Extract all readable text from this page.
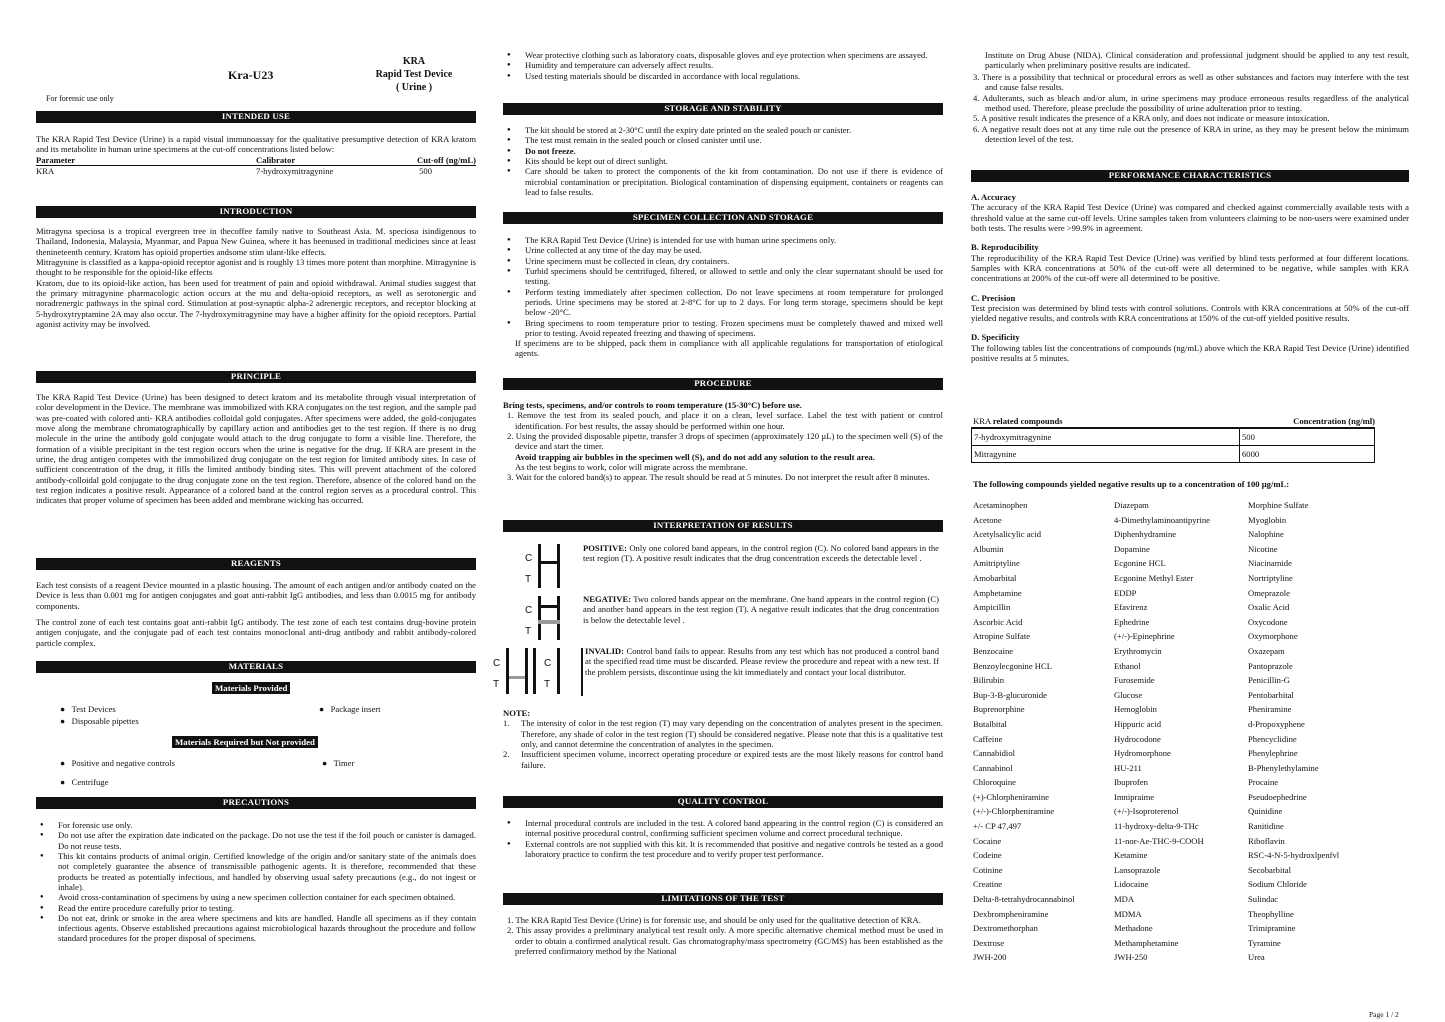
Kra-U23
KRA
Rapid Test Device
( Urine )
For forensic use only
INTENDED USE

The KRA Rapid Test Device (Urine) is a rapid visual immunoassay for the qualitative presumptive detection of KRA kratom and its metabolite in human urine specimens at the cut-off concentrations listed below:

Parameter	Calibrator	Cut-off (ng/mL)
KRA	7-hydroxymitragynine	500
INTRODUCTION

Mitragyna speciosa is a tropical evergreen tree in thecoffee family native to Southeast Asia. M. speciosa isindigenous to Thailand, Indonesia, Malaysia, Myanmar, and Papua New Guinea, where it has beenused in traditional medicines since at least thenineteenth century. Kratom has opioid properties andsome stim ulant-like effects.

Mitragynine is classified as a kappa-opioid receptor agonist and is roughly 13 times more potent than morphine. Mitragynine is thought to be responsible for the opioid-like effects

Kratom, due to its opioid-like action, has been used for treatment of pain and opioid withdrawal. Animal studies suggest that the primary mitragynine pharmacologic action occurs at the mu and delta-opioid receptors, as well as serotonergic and noradrenergic pathways in the spinal cord. Stimulation at post-synaptic alpha-2 adrenergic receptors, and receptor blocking at 5-hydroxytryptamine 2A may also occur. The 7-hydroxymitragynine may have a higher affinity for the opioid receptors. Partial agonist activity may be involved.

PRINCIPLE

The KRA Rapid Test Device (Urine) has been designed to detect kratom and its metabolite through visual interpretation of color development in the Device. The membrane was immobilized with KRA conjugates on the test region, and the sample pad was pre-coated with colored anti- KRA antibodies colloidal gold conjugates. After specimens were added, the gold-conjugates move along the membrane chromatographically by capillary action and antibodies get to the test region. If there is no drug molecule in the urine the antibody gold conjugate would attach to the drug conjugate to form a visible line. Therefore, the formation of a visible precipitant in the test region occurs when the urine is negative for the drug. If KRA are present in the urine, the drug antigen competes with the immobilized drug conjugate on the test region for limited antibody sites. In case of sufficient concentration of the drug, it fills the limited antibody binding sites. This will prevent attachment of the colored antibody-colloidal gold conjugate to the drug conjugate zone on the test region. Therefore, absence of the colored band on the test region indicates a positive result. Appearance of a colored band at the control region serves as a procedural control. This indicates that proper volume of specimen has been added and membrane wicking has occurred.

REAGENTS

Each test consists of a reagent Device mounted in a plastic housing. The amount of each antigen and/or antibody coated on the Device is less than 0.001 mg for antigen conjugates and goat anti-rabbit IgG antibodies, and less than 0.0015 mg for antibody components.

The control zone of each test contains goat anti-rabbit IgG antibody. The test zone of each test contains drug-bovine protein antigen conjugate, and the conjugate pad of each test contains monoclonal anti-drug antibody and rabbit antibody-colored particle complex.

MATERIALS
Materials Provided
●   Test Devices
●   Disposable pipettes
●   Package insert
Materials Required but Not provided
●   Positive and negative controls	●   Timer
●   Centrifuge
PRECAUTIONS
● For forensic use only.
● Do not use after the expiration date indicated on the package. Do not use the test if the foil pouch or canister is damaged. Do not reuse tests.
● This kit contains products of animal origin. Certified knowledge of the origin and/or sanitary state of the animals does not completely guarantee the absence of transmissible pathogenic agents. It is therefore, recommended that these products be treated as potentially infectious, and handled by observing usual safety precautions (e.g., do not ingest or inhale).
● Avoid cross-contamination of specimens by using a new specimen collection container for each specimen obtained.
● Read the entire procedure carefully prior to testing.
● Do not eat, drink or smoke in the area where specimens and kits are handled. Handle all specimens as if they contain infectious agents. Observe established precautions against microbiological hazards throughout the procedure and follow standard procedures for the proper disposal of specimens.
● Wear protective clothing such as laboratory coats, disposable gloves and eye protection when specimens are assayed.
● Humidity and temperature can adversely affect results.
● Used testing materials should be discarded in accordance with local regulations.
STORAGE AND STABILITY
● The kit should be stored at 2-30°C until the expiry date printed on the sealed pouch or canister.
● The test must remain in the sealed pouch or closed canister until use.
● Do not freeze.
● Kits should be kept out of direct sunlight.
● Care should be taken to protect the components of the kit from contamination. Do not use if there is evidence of microbial contamination or precipitation. Biological contamination of dispensing equipment, containers or reagents can lead to false results.
SPECIMEN COLLECTION AND STORAGE
● The KRA Rapid Test Device (Urine) is intended for use with human urine specimens only.
● Urine collected at any time of the day may be used.
● Urine specimens must be collected in clean, dry containers.
● Turbid specimens should be centrifuged, filtered, or allowed to settle and only the clear supernatant should be used for testing.
● Perform testing immediately after specimen collection. Do not leave specimens at room temperature for prolonged periods. Urine specimens may be stored at 2-8°C for up to 2 days. For long term storage, specimens should be kept below -20°C.
● Bring specimens to room temperature prior to testing. Frozen specimens must be completely thawed and mixed well prior to testing. Avoid repeated freezing and thawing of specimens.

If specimens are to be shipped, pack them in compliance with all applicable regulations for transportation of etiological agents.

PROCEDURE

Bring tests, specimens, and/or controls to room temperature (15-30°C) before use.

1. Remove the test from its sealed pouch, and place it on a clean, level surface. Label the test with patient or control identification. For best results, the assay should be performed within one hour.

2. Using the provided disposable pipette, transfer 3 drops of specimen (approximately 120 µL) to the specimen well (S) of the device and start the timer.

Avoid trapping air bubbles in the specimen well (S), and do not add any solution to the result area.

As the test begins to work, color will migrate across the membrane.

3. Wait for the colored band(s) to appear. The result should be read at 5 minutes. Do not interpret the result after 8 minutes.

INTERPRETATION OF RESULTS
C
T

POSITIVE: Only one colored band appears, in the control region (C). No colored band appears in the test region (T). A positive result indicates that the drug concentration exceeds the detectable level .

C
T

NEGATIVE: Two colored bands appear on the membrane. One band appears in the control region (C) and another band appears in the test region (T). A negative result indicates that the drug concentration is below the detectable level .

C
T
C
T

INVALID: Control band fails to appear. Results from any test which has not produced a control band at the specified read time must be discarded. Please review the procedure and repeat with a new test. If the problem persists, discontinue using the kit immediately and contact your local distributor.

NOTE:
1.	The intensity of color in the test region (T) may vary depending on the concentration of analytes present in the specimen. Therefore, any shade of color in the test region (T) should be considered negative. Please note that this is a qualitative test only, and cannot determine the concentration of analytes in the specimen.
2.	Insufficient specimen volume, incorrect operating procedure or expired tests are the most likely reasons for control band failure.
QUALITY CONTROL
● Internal procedural controls are included in the test. A colored band appearing in the control region (C) is considered an internal positive procedural control, confirming sufficient specimen volume and correct procedural technique.
● External controls are not supplied with this kit. It is recommended that positive and negative controls be tested as a good laboratory practice to confirm the test procedure and to verify proper test performance.
LIMITATIONS OF THE TEST

1. The KRA Rapid Test Device (Urine) is for forensic use, and should be only used for the qualitative detection of KRA.

2. This assay provides a preliminary analytical test result only. A more specific alternative chemical method must be used in order to obtain a confirmed analytical result. Gas chromatography/mass spectrometry (GC/MS) has been established as the preferred confirmatory method by the National

Institute on Drug Abuse (NIDA). Clinical consideration and professional judgment should be applied to any test result, particularly when preliminary positive results are indicated.

3. There is a possibility that technical or procedural errors as well as other substances and factors may interfere with the test and cause false results.

4. Adulterants, such as bleach and/or alum, in urine specimens may produce erroneous results regardless of the analytical method used. Therefore, please preclude the possibility of urine adulteration prior to testing.

5. A positive result indicates the presence of a KRA only, and does not indicate or measure intoxication.

6. A negative result does not at any time rule out the presence of KRA in urine, as they may be present below the minimum detection level of the test.

PERFORMANCE CHARACTERISTICS
A. Accuracy

The accuracy of the KRA Rapid Test Device (Urine) was compared and checked against commercially available tests with a threshold value at the same cut-off levels. Urine samples taken from volunteers claiming to be non-users were examined under both tests. The results were >99.9% in agreement.

B. Reproducibility

The reproducibility of the KRA Rapid Test Device (Urine) was verified by blind tests performed at four different locations. Samples with KRA concentrations at 50% of the cut-off were all determined to be negative, while samples with KRA concentrations at 200% of the cut-off were all determined to be positive.

C. Precision

Test precision was determined by blind tests with control solutions. Controls with KRA concentrations at 50% of the cut-off yielded negative results, and controls with KRA concentrations at 150% of the cut-off yielded positive results.

D. Specificity

The following tables list the concentrations of compounds (ng/mL) above which the KRA Rapid Test Device (Urine) identified positive results at 5 minutes.

KRA related compounds	Concentration (ng/ml)
7-hydroxymitragynine	500
Mitragynine	6000
The following compounds yielded negative results up to a concentration of 100 µg/mL:
Acetaminophen	Diazepam	Morphine Sulfate
Acetone	4-Dimethylaminoantipyrine	Myoglobin
Acetylsalicylic acid	Diphenhydramine	Nalophine
Albumin	Dopamine	Nicotine
Amitriptyline	Ecgonine HCL	Niacinamide
Amobarbital	Ecgonine Methyl Ester	Nortriptyline
Amphetamine	EDDP	Omeprazole
Ampicillin	Efavirenz	Oxalic Acid
Ascorbic Acid	Ephedrine	Oxycodone
Atropine Sulfate	(+/-)-Epinephrine	Oxymorphone
Benzocaine	Erythromycin	Oxazepam
Benzoylecgonine HCL	Ethanol	Pantoprazole
Bilirubin	Furosemide	Penicillin-G
Bup-3-B-glucuronide	Glucose	Pentobarbital
Buprenorphine	Hemoglobin	Pheniramine
Butalbital	Hippuric acid	d-Propoxyphene
Caffeine	Hydrocodone	Phencyclidine
Cannabidiol	Hydromorphone	Phenylephrine
Cannabinol	HU-211	B-Phenylethylamine
Chloroquine	Ibuprofen	Procaine
(+)-Chlorpheniramine	Imnipraime	Pseudoephedrine
(+/-)-Chlorpheniramine	(+/-)-Isoproterenol	Quinidine
+/- CP 47,497	11-hydroxy-delta-9-THc	Ranitidine
Cocaine	11-nor-Ae-THC-9-COOH	Riboflavin
Codeine	Ketamine	RSC-4-N-5-hydroxlpenfvl
Cotinine	Lansoprazole	Secobarbital
Creatine	Lidocaine	Sodium Chloride
Delta-8-tetrahydrocannabinol	MDA	Sulindac
Dexbrompheniramine	MDMA	Theophylline
Dextromethorphan	Methadone	Trimipramine
Dextrose	Methamphetamine	Tyramine
JWH-200	JWH-250	Urea
Page 1 / 2
